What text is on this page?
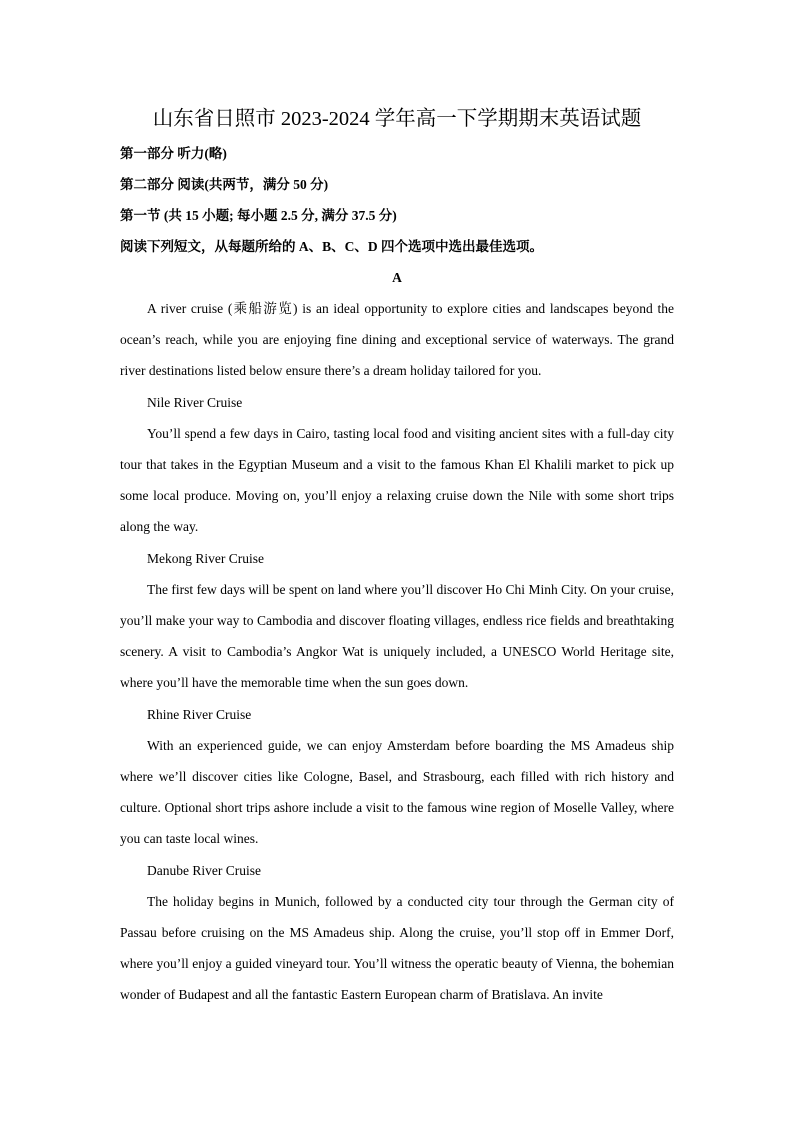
山东省日照市 2023-2024 学年高一下学期期末英语试题
第一部分 听力(略)
第二部分 阅读(共两节，满分 50 分)
第一节 (共 15 小题; 每小题 2.5 分, 满分 37.5 分)
阅读下列短文，从每题所给的 A、B、C、D 四个选项中选出最佳选项。
A

A river cruise (乘船游览) is an ideal opportunity to explore cities and landscapes beyond the ocean’s reach, while you are enjoying fine dining and exceptional service of waterways. The grand river destinations listed below ensure there’s a dream holiday tailored for you.

Nile River Cruise

You’ll spend a few days in Cairo, tasting local food and visiting ancient sites with a full-day city tour that takes in the Egyptian Museum and a visit to the famous Khan El Khalili market to pick up some local produce. Moving on, you’ll enjoy a relaxing cruise down the Nile with some short trips along the way.

Mekong River Cruise

The first few days will be spent on land where you’ll discover Ho Chi Minh City. On your cruise, you’ll make your way to Cambodia and discover floating villages, endless rice fields and breathtaking scenery. A visit to Cambodia’s Angkor Wat is uniquely included, a UNESCO World Heritage site, where you’ll have the memorable time when the sun goes down.

Rhine River Cruise

With an experienced guide, we can enjoy Amsterdam before boarding the MS Amadeus ship where we’ll discover cities like Cologne, Basel, and Strasbourg, each filled with rich history and culture. Optional short trips ashore include a visit to the famous wine region of Moselle Valley, where you can taste local wines.

Danube River Cruise

The holiday begins in Munich, followed by a conducted city tour through the German city of Passau before cruising on the MS Amadeus ship. Along the cruise, you’ll stop off in Emmer Dorf, where you’ll enjoy a guided vineyard tour. You’ll witness the operatic beauty of Vienna, the bohemian wonder of Budapest and all the fantastic Eastern European charm of Bratislava. An invite
